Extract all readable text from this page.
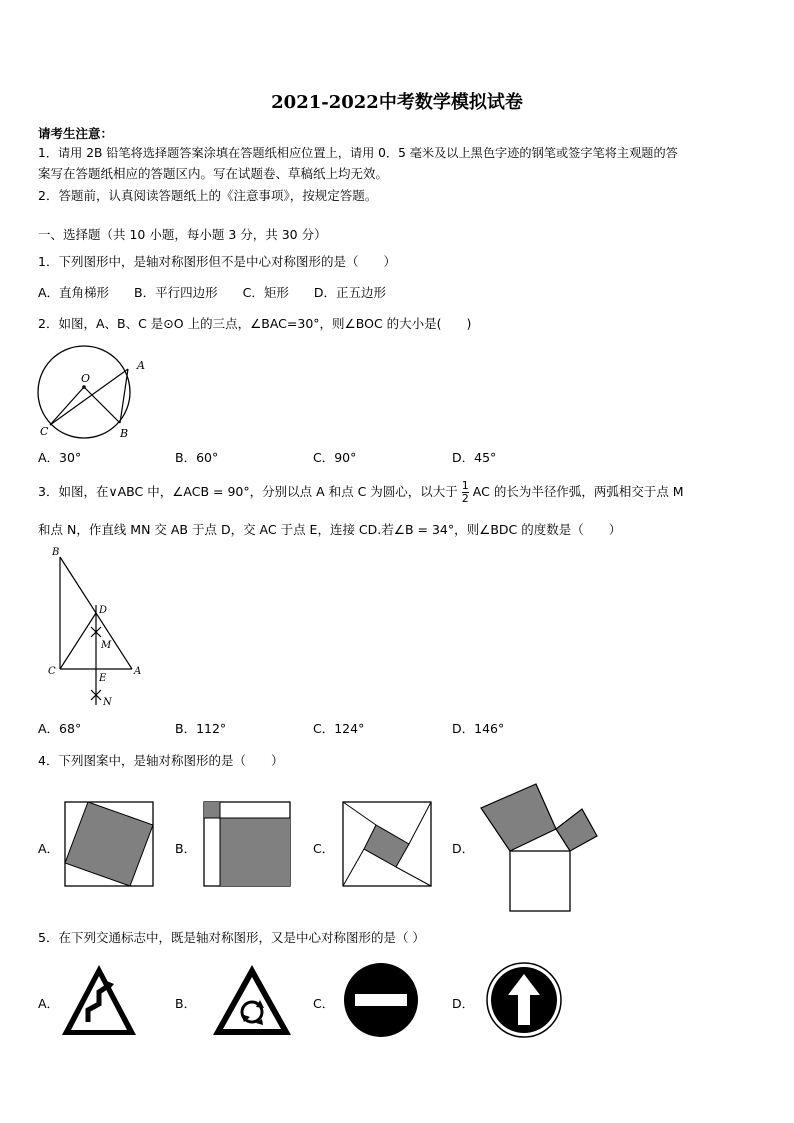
2021-2022中考数学模拟试卷
请考生注意：
1．请用 2B 铅笔将选择题答案涂填在答题纸相应位置上，请用 0．5 毫米及以上黑色字迹的钢笔或签字笔将主观题的答
案写在答题纸相应的答题区内。写在试题卷、草稿纸上均无效。
2．答题前，认真阅读答题纸上的《注意事项》，按规定答题。
一、选择题（共 10 小题，每小题 3 分，共 30 分）
1．下列图形中，是轴对称图形但不是中心对称图形的是（　　）
A．直角梯形　　B．平行四边形　　C．矩形　　D．正五边形
2．如图，A、B、C 是⊙O 上的三点，∠BAC=30°，则∠BOC 的大小是(　　)
O
A
B
C
A．30°	B．60°	C．90°	D．45°
3．如图，在∨ABC 中，∠ACB = 90°，分别以点 A 和点 C 为圆心，以大于 $\frac{1}{2}$ AC 的长为半径作弧，两弧相交于点 M
和点 N，作直线 MN 交 AB 于点 D，交 AC 于点 E，连接 CD.若∠B = 34°，则∠BDC 的度数是（　　）
B
D
M
C	A
E
N
A．68°	B．112°	C．124°	D．146°
4．下列图案中，是轴对称图形的是（　　）
A．	B．	C．	D．
5．在下列交通标志中，既是轴对称图形，又是中心对称图形的是（ ）
A．	B．	C．	D．
